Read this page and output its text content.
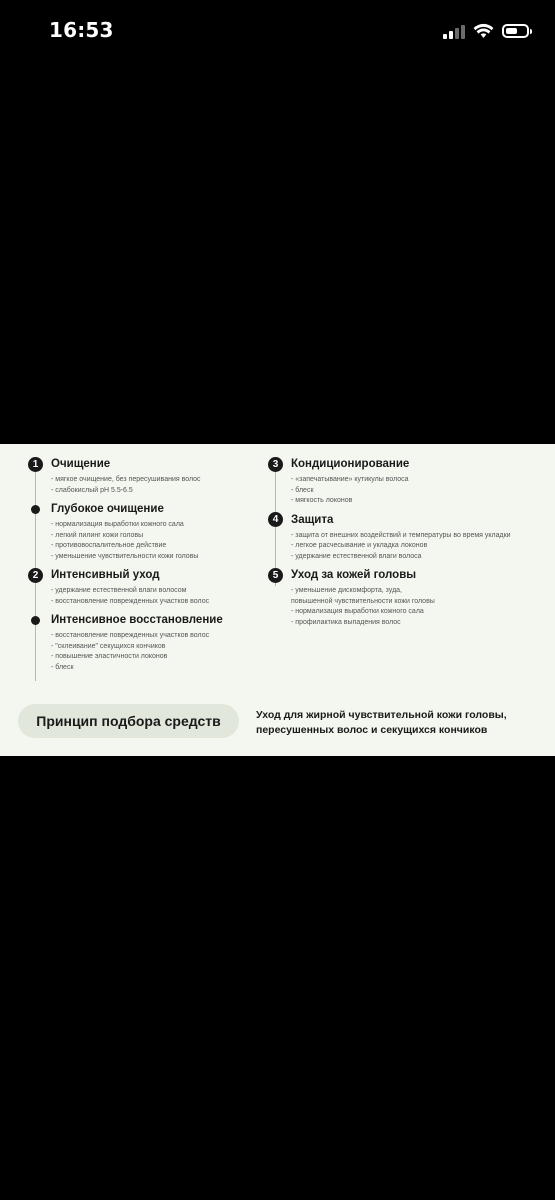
16:53
1	Очищение
- мягкое очищение, без пересушивания волос
- слабокислый pH 5.5-6.5
Глубокое очищение
- нормализация выработки кожного сала
- легкий пилинг кожи головы
- противовоспалительное действие
- уменьшение чувствительности кожи головы
2	Интенсивный уход
- удержание естественной влаги волосом
- восстановление поврежденных участков волос
Интенсивное восстановление
- восстановление поврежденных участков волос
- "склеивание" секущихся кончиков
- повышение эластичности локонов
- блеск
3	Кондиционирование
- «запечатывание» кутикулы волоса
- блеск
- мягкость локонов
4	Защита
- защита от внешних воздействий и температуры во время укладки
- легкое расчесывание и укладка локонов
- удержание естественной влаги волоса
5	Уход за кожей головы
- уменьшение дискомфорта, зуда,
повышенной чувствительности кожи головы
- нормализация выработки кожного сала
- профилактика выпадения волос
Принцип подбора средств	Уход для жирной чувствительной кожи головы,
пересушенных волос и секущихся кончиков
